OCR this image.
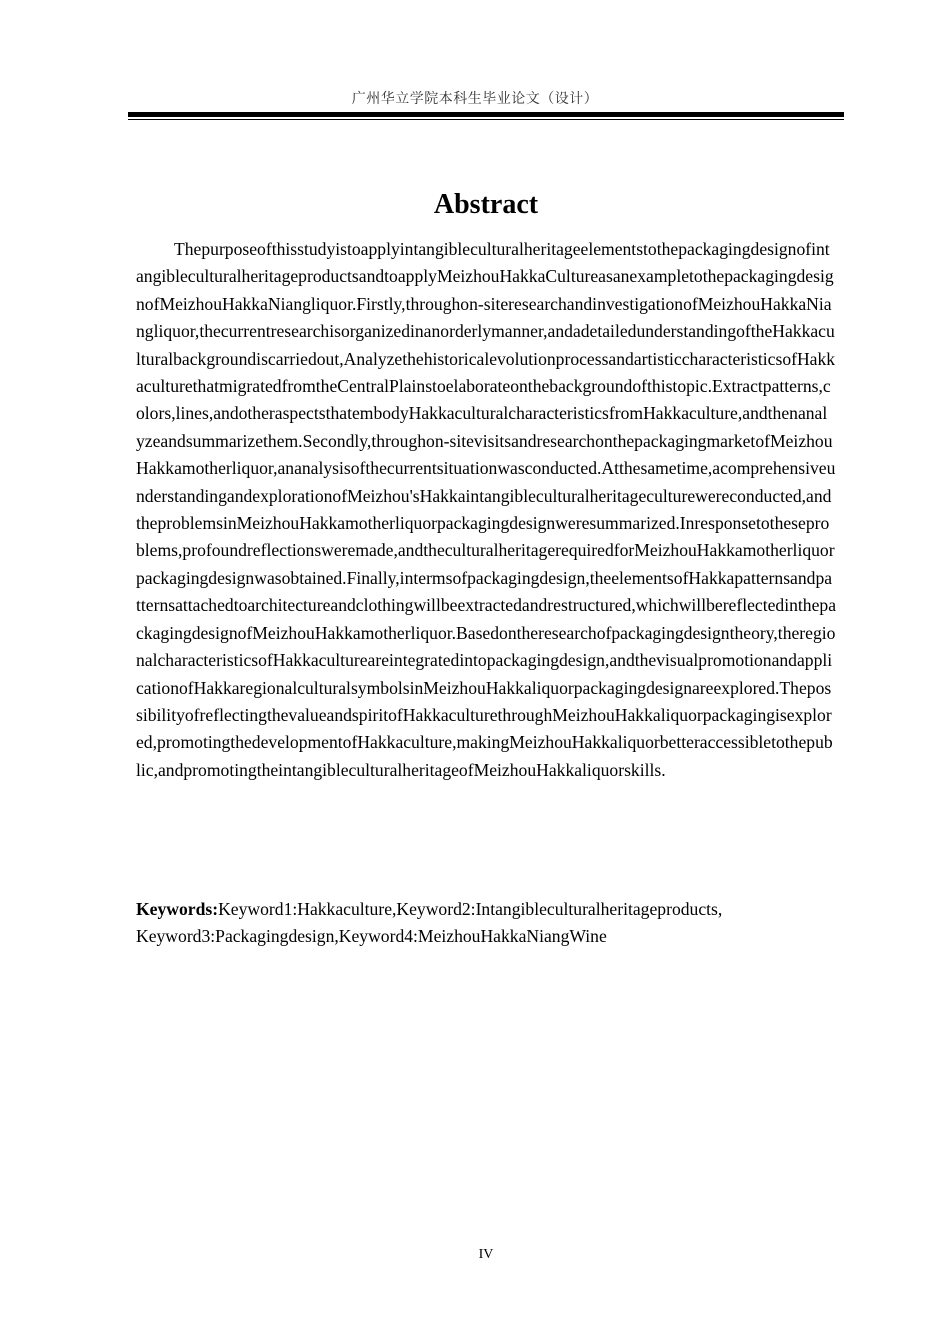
广州华立学院本科生毕业论文（设计）
Abstract

ThepurposeofthisstudyistoapplyintangibleculturalheritageelementstothepackagingdesignofintangibleculturalheritageproductsandtoapplyMeizhouHakkaCultureasanexampletothepackagingdesignofMeizhouHakkaNiangliquor.Firstly,throughon-siteresearchandinvestigationofMeizhouHakkaNiangliquor,thecurrentresearchisorganizedinanorderlymanner,andadetailedunderstandingoftheHakkaculturalbackgroundiscarriedout,AnalyzethehistoricalevolutionprocessandartisticcharacteristicsofHakkaculturethatmigratedfromtheCentralPlainstoelaborateonthebackgroundofthistopic.Extractpatterns,colors,lines,andotheraspectsthatembodyHakkaculturalcharacteristicsfromHakkaculture,andthenanalyzeandsummarizethem.Secondly,throughon-sitevisitsandresearchonthepackagingmarketofMeizhouHakkamotherliquor,ananalysisofthecurrentsituationwasconducted.Atthesametime,acomprehensiveunderstandingandexplorationofMeizhou'sHakkaintangibleculturalheritageculturewereconducted,andtheproblemsinMeizhouHakkamotherliquorpackagingdesignweresummarized.Inresponsetotheseproblems,profoundreflectionsweremade,andtheculturalheritagerequiredforMeizhouHakkamotherliquorpackagingdesignwasobtained.Finally,intermsofpackagingdesign,theelementsofHakkapatternsandpatternsattachedtoarchitectureandclothingwillbeextractedandrestructured,whichwillbereflectedinthepackagingdesignofMeizhouHakkamotherliquor.Basedontheresearchofpackagingdesigntheory,theregionalcharacteristicsofHakkacultureareintegratedintopackagingdesign,andthevisualpromotionandapplicationofHakkaregionalculturalsymbolsinMeizhouHakkaliquorpackagingdesignareexplored.ThepossibilityofreflectingthevalueandspiritofHakkaculturethroughMeizhouHakkaliquorpackagingisexplored,promotingthedevelopmentofHakkaculture,makingMeizhouHakkaliquorbetteraccessibletothepublic,andpromotingtheintangibleculturalheritageofMeizhouHakkaliquorskills.

Keywords:Keyword1:Hakkaculture,Keyword2:Intangibleculturalheritageproducts,
Keyword3:Packagingdesign,Keyword4:MeizhouHakkaNiangWine
IV
